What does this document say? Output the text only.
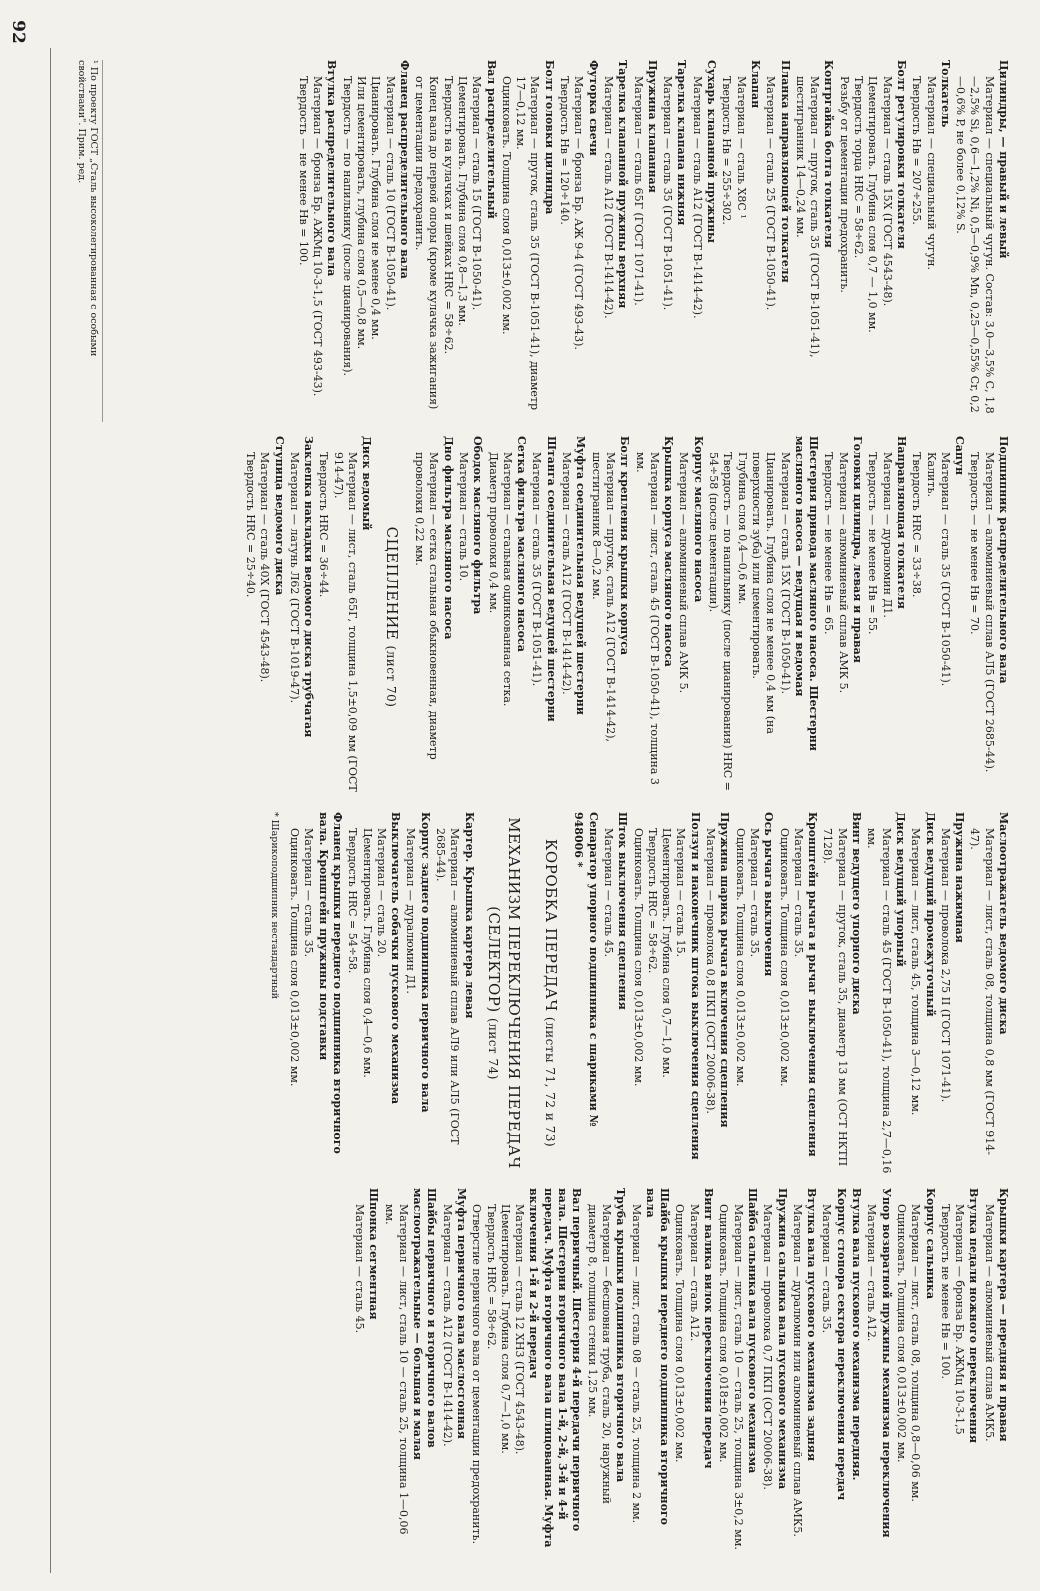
92
Цилиндры, — правый и левый
Материал — специальный чугун. Состав: 3,0—3,5% С, 1,8—2,5% Si, 0,6—1,2% Ni, 0,5—0,9% Mn, 0,25—0,55% Cr, 0,2—0,6% P, не более 0,12% S.
Толкатель
Материал — специальный чугун.
Твердость Hв = 207÷255.
Болт регулировки толкателя
Материал — сталь 15Х (ГОСТ 4543-48).
Цементировать. Глубина слоя 0,7 — 1,0 мм.
Твердость торца HRC = 58÷62.
Резьбу от цементации предохранить.
Контргайка болта толкателя
Материал — пруток, сталь 35 (ГОСТ В-1051-41), шестигранник 14—0,24 мм.
Планка направляющей толкателя
Материал — сталь 25 (ГОСТ В-1050-41).
Клапан
Материал — сталь Х8С ¹
Твердость Hв = 255÷302.
Сухарь клапанной пружины
Материал — сталь А12 (ГОСТ В-1414-42).
Тарелка клапана нижняя
Материал — сталь 35 (ГОСТ В-1051-41).
Пружина клапанная
Материал — сталь 65Г (ГОСТ 1071-41).
Тарелка клапанной пружины верхняя
Материал — сталь А12 (ГОСТ В-1414-42).
Футорка свечи
Материал — бронза Бр. АЖ 9-4 (ГОСТ 493-43).
Твердость Hв = 120÷140.
Болт головки цилиндра
Материал — пруток, сталь 35 (ГОСТ В-1051-41), диаметр 17—0,12 мм.
Оцинковать. Толщина слоя 0,013±0,002 мм.
Вал распределительный
Материал — сталь 15 (ГОСТ В-1050-41).
Цементировать. Глубина слоя 0,8—1,3 мм.
Твердость на кулачках и шейках HRC = 58÷62.
Конец вала до первой опоры (кроме кулачка зажигания) от цементации предохранить.
Фланец распределительного вала
Материал — сталь 10 (ГОСТ В-1050-41).
Цианировать. Глубина слоя не менее 0,4 мм.
Или цементировать, глубина слоя 0,5—0,8 мм.
Твердость — по напильнику (после цианирования).
Втулка распределительного вала
Материал — бронза Бр. АЖМц 10-3-1,5 (ГОСТ 493-43).
Твердость — не менее Hв = 100.
¹ По проекту ГОСТ „Сталь высоколегированная с особыми свойствами". Прим. ред.
Подшипник распределительного вала
Материал — алюминиевый сплав АЛ5 (ГОСТ 2685-44).
Твердость — не менее Hв = 70.
Сапун
Материал — сталь 35 (ГОСТ В-1050-41).
Калить.
Твердость HRC = 33÷38.
Направляющая толкателя
Материал — дуралюмин Д1.
Твердость — не менее Hв = 55.
Головки цилиндра, левая и правая
Материал — алюминиевый сплав АМК 5.
Твердость — не менее Hв = 65.
Шестерня привода масляного насоса. Шестерни масляного насоса — ведущая и ведомая
Материал — сталь 15Х (ГОСТ В-1050-41).
Цианировать. Глубина слоя не менее 0,4 мм (на поверхности зуба) или цементировать.
Глубина слоя 0,4—0,6 мм.
Твердость — по напильнику (после цианирования) HRC = 54÷58 (после цементации).
Корпус масляного насоса
Материал — алюминиевый сплав АМК 5.
Крышка корпуса масляного насоса
Материал — лист, сталь 45 (ГОСТ В-1050-41), толщина 3 мм.
Болт крепления крышки корпуса
Материал — пруток, сталь А12 (ГОСТ В-1414-42), шестигранник 8—0,2 мм.
Муфта соединительная ведущей шестерни
Материал — сталь А12 (ГОСТ В-1414-42).
Штанга соединительная ведущей шестерни
Материал — сталь 35 (ГОСТ В-1051-41).
Сетка фильтра масляного насоса
Материал — стальная оцинкованная сетка.
Диаметр проволоки 0,4 мм.
Ободок масляного фильтра
Материал — сталь 10.
Дно фильтра масляного насоса
Материал — сетка стальная обыкновенная, диаметр проволоки 0,22 мм.
СЦЕПЛЕНИЕ (лист 70)
Диск ведомый
Материал — лист, сталь 65Г, толщина 1,5±0,09 мм (ГОСТ 914-47).
Твердость HRC = 36÷44.
Заклепка накладки ведомого диска трубчатая
Материал — латунь Л62 (ГОСТ В-1019-47).
Ступица ведомого диска
Материал — сталь 40Х (ГОСТ 4543-48).
Твердость HRC = 25÷40.
Маслоотражатель ведомого диска
Материал — лист, сталь 08, толщина 0,8 мм (ГОСТ 914-47).
Пружина нажимная
Материал — проволока 2,75 II (ГОСТ 1071-41).
Диск ведущий промежуточный
Материал — лист, сталь 45, толщина 3—0,12 мм.
Диск ведущий упорный
Материал — сталь 45 (ГОСТ В-1050-41), толщина 2,7—0,16 мм.
Винт ведущего упорного диска
Материал — пруток, сталь 35, диаметр 13 мм (ОСТ НКТП 7128).
Кронштейн рычага и рычаг выключения сцепления
Материал — сталь 35.
Оцинковать. Толщина слоя 0,013±0,002 мм.
Ось рычага выключения
Материал — сталь 35.
Оцинковать. Толщина слоя 0,013±0,002 мм.
Пружина шарика рычага включения сцепления
Материал — проволока 0,8 ПКП (ОСТ 20006-38).
Ползун и наконечник штока выключения сцепления
Материал — сталь 15.
Цементировать. Глубина слоя 0,7—1,0 мм.
Твердость HRC = 58÷62.
Оцинковать. Толщина слоя 0,013±0,002 мм.
Шток выключения сцепления
Материал — сталь 45.
Сепаратор упорного подшипника с шариками № 948006 *
КОРОБКА ПЕРЕДАЧ (листы 71, 72 и 73)
МЕХАНИЗМ ПЕРЕКЛЮЧЕНИЯ ПЕРЕДАЧ (СЕЛЕКТОР) (лист 74)
Картер. Крышка картера левая
Материал — алюминиевый сплав АЛ9 или АЛ5 (ГОСТ 2685-44).
Корпус заднего подшипника первичного вала
Материал — дуралюмин Д1.
Выключатель собачки пускового механизма
Материал — сталь 20.
Цементировать. Глубина слоя 0,4—0,6 мм.
Твердость HRC = 54÷58.
Фланец крышки переднего подшипника вторичного вала. Кронштейн пружины подставки
Материал — сталь 35.
Оцинковать. Толщина слоя 0,013±0,002 мм.
* Шарикоподшипник нестандартный
Крышки картера — передняя и правая
Материал — алюминиевый сплав АМК5.
Втулка педали ножного переключения
Материал — бронза Бр. АЖМц 10-3-1,5
Твердость не менее Hв = 100.
Корпус сальника
Материал — лист, сталь 08, толщина 0,8—0,06 мм.
Оцинковать. Толщина слоя 0,013±0,002 мм.
Упор возвратной пружины механизма переключения
Материал — сталь А12.
Втулка вала пускового механизма передняя.
Корпус стопора сектора переключения передач
Материал — сталь 35.
Втулка вала пускового механизма задняя
Материал — дуралюмин или алюминиевый сплав АМК5.
Пружина сальника вала пускового механизма
Материал — проволока 0,7 ПКП (ОСТ 20006-38).
Шайба сальника вала пускового механизма
Материал — лист, сталь 10 — сталь 25, толщина 3±0,2 мм.
Оцинковать. Толщина слоя 0,018±0,002 мм.
Винт валика вилок переключения передач
Материал — сталь А12.
Оцинковать. Толщина слоя 0,013±0,002 мм.
Шайба крышки переднего подшипника вторичного вала
Материал — лист, сталь 08 — сталь 25, толщина 2 мм.
Труба крышки подшипника вторичного вала
Материал — бесшовная труба, сталь 20, наружный диаметр 8, толщина стенки 1,25 мм.
Вал первичный. Шестерня 4-й передачи первичного вала. Шестерни вторичного вала 1-й, 2-й, 3-й и 4-й передач. Муфта вторичного вала шлицованная. Муфта включения 1-й и 2-й передач
Материал — сталь 12 ХН3 (ГОСТ 4543-48).
Цементировать. Глубина слоя 0,7—1,0 мм.
Твердость HRC = 58÷62.
Отверстие первичного вала от цементации предохранить.
Муфта первичного вала маслосгонная
Материал — сталь А12 (ГОСТ В-1414-42).
Шайбы первичного и вторичного валов маслоотражательные — большая и малая
Материал — лист, сталь 10 — сталь 25, толщина 1—0,06 мм.
Шпонка сегментная
Материал — сталь 45.
